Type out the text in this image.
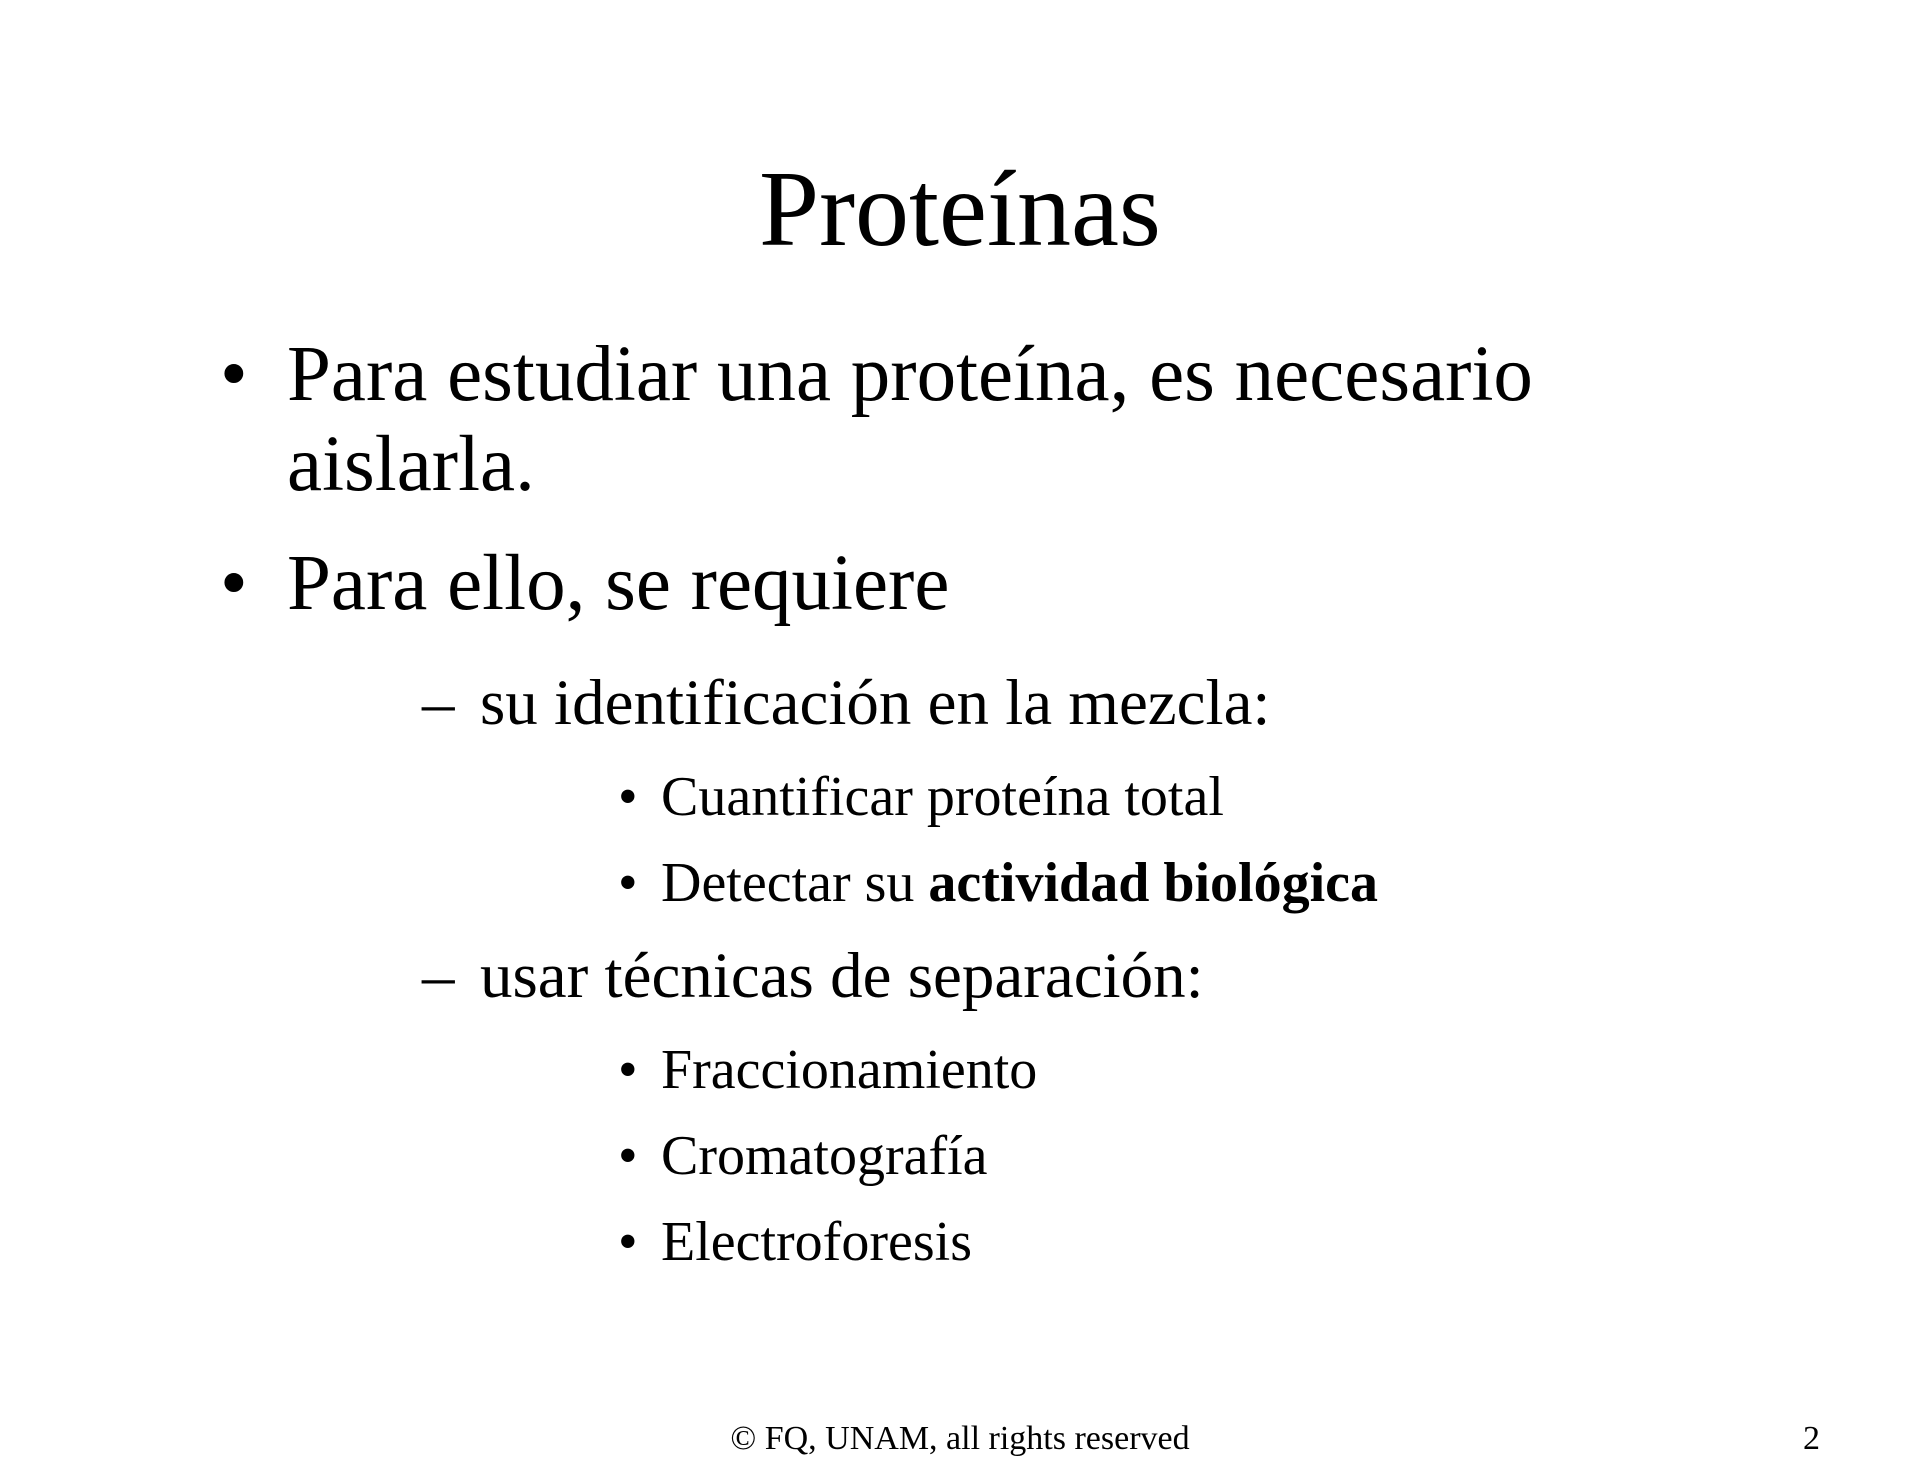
Proteínas
• Para estudiar una proteína, es necesario
aislarla.
• Para ello, se requiere
– su identificación en la mezcla:
• Cuantificar proteína total
• Detectar su actividad biológica
– usar técnicas de separación:
• Fraccionamiento
• Cromatografía
• Electroforesis
© FQ, UNAM, all rights reserved	2
